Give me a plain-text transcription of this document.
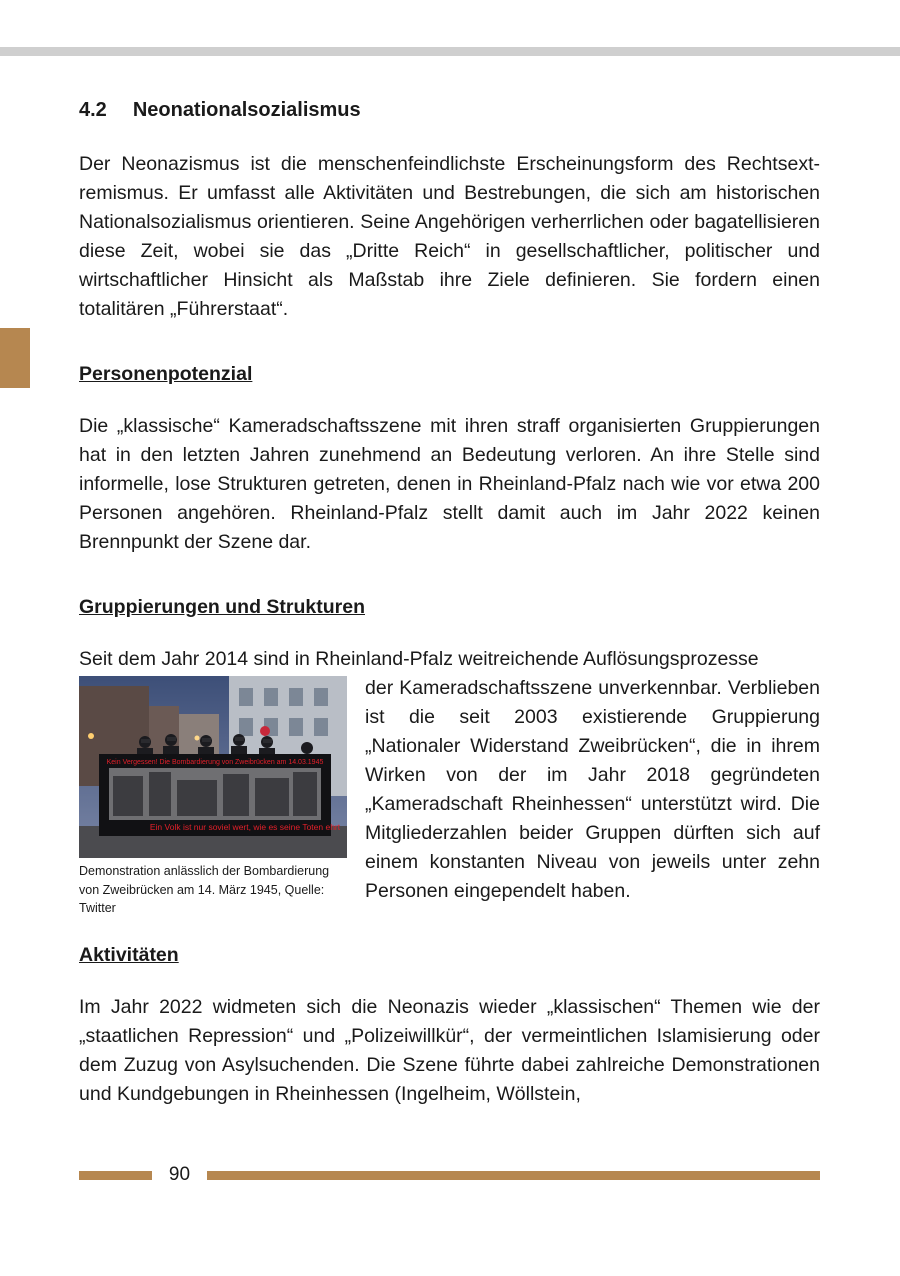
4.2 Neonationalsozialismus

Der Neonazismus ist die menschenfeindlichste Erscheinungsform des Rechtsextremismus. Er umfasst alle Aktivitäten und Bestrebungen, die sich am historischen Nationalsozialismus orientieren. Seine Angehörigen verherrlichen oder bagatellisieren diese Zeit, wobei sie das „Dritte Reich“ in gesellschaftlicher, politischer und wirtschaftlicher Hinsicht als Maßstab ihre Ziele definieren. Sie fordern einen totalitären „Führerstaat“.

Personenpotenzial

Die „klassische“ Kameradschaftsszene mit ihren straff organisierten Gruppierungen hat in den letzten Jahren zunehmend an Bedeutung verloren. An ihre Stelle sind informelle, lose Strukturen getreten, denen in Rheinland-Pfalz nach wie vor etwa 200 Personen angehören. Rheinland-Pfalz stellt damit auch im Jahr 2022 keinen Brennpunkt der Szene dar.

Gruppierungen und Strukturen

Seit dem Jahr 2014 sind in Rheinland-Pfalz weitreichende Auflösungsprozesse

Kein Vergessen! Die Bombardierung von Zweibrücken am 14.03.1945
Ein Volk ist nur soviel wert, wie es seine Toten ehrt
Demonstration anlässlich der Bombardierung von Zweibrücken am 14. März 1945, Quelle: Twitter

der Kameradschaftsszene unverkennbar. Verblieben ist die seit 2003 existierende Gruppierung „Nationaler Widerstand Zweibrücken“, die in ihrem Wirken von der im Jahr 2018 gegründeten „Kameradschaft Rheinhessen“ unterstützt wird. Die Mitgliederzahlen beider Gruppen dürften sich auf einem konstanten Niveau von jeweils unter zehn Personen eingependelt haben.

Aktivitäten

Im Jahr 2022 widmeten sich die Neonazis wieder „klassischen“ Themen wie der „staatlichen Repression“ und „Polizeiwillkür“, der vermeintlichen Islamisierung oder dem Zuzug von Asylsuchenden. Die Szene führte dabei zahlreiche Demonstrationen und Kundgebungen in Rheinhessen (Ingelheim, Wöllstein,

90
